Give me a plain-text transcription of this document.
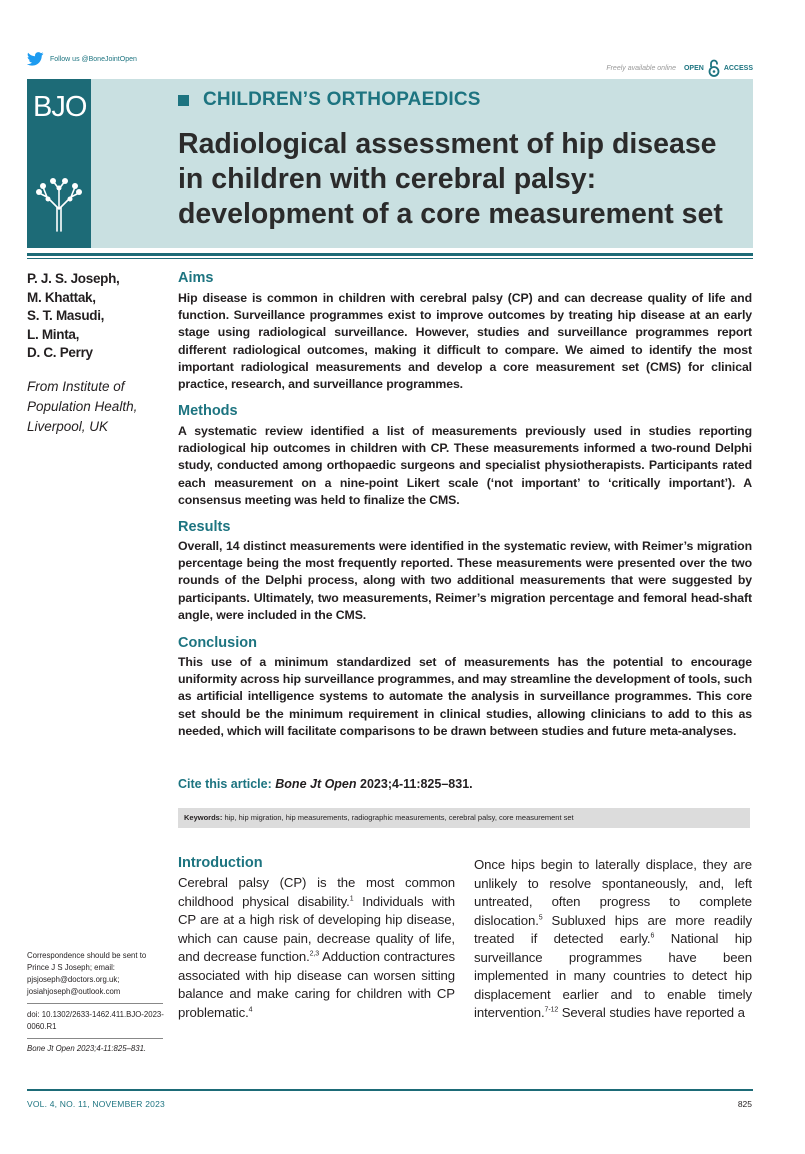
Follow us @BoneJointOpen
Freely available online OPEN	ACCESS
BJO	CHILDREN’S ORTHOPAEDICS
Radiological assessment of hip disease
in children with cerebral palsy:
development of a core measurement set
P. J. S. Joseph,
M. Khattak,
S. T. Masudi,
L. Minta,
D. C. Perry
From Institute of Population Health, Liverpool, UK
Aims
Hip disease is common in children with cerebral palsy (CP) and can decrease quality of life and function. Surveillance programmes exist to improve outcomes by treating hip disease at an early stage using radiological surveillance. However, studies and surveillance programmes report different radiological outcomes, making it difficult to compare. We aimed to identify the most important radiological measurements and develop a core measurement set (CMS) for clinical practice, research, and surveillance programmes.
Methods
A systematic review identified a list of measurements previously used in studies reporting radiological hip outcomes in children with CP. These measurements informed a two-round Delphi study, conducted among orthopaedic surgeons and specialist physiotherapists. Participants rated each measurement on a nine-point Likert scale (‘not important’ to ‘critically important’). A consensus meeting was held to finalize the CMS.
Results
Overall, 14 distinct measurements were identified in the systematic review, with Reimer’s migration percentage being the most frequently reported. These measurements were presented over the two rounds of the Delphi process, along with two additional measurements that were suggested by participants. Ultimately, two measurements, Reimer’s migration percentage and femoral head-shaft angle, were included in the CMS.
Conclusion
This use of a minimum standardized set of measurements has the potential to encourage uniformity across hip surveillance programmes, and may streamline the development of tools, such as artificial intelligence systems to automate the analysis in surveillance programmes. This core set should be the minimum requirement in clinical studies, allowing clinicians to add to this as needed, which will facilitate comparisons to be drawn between studies and future meta-analyses.
Cite this article: Bone Jt Open 2023;4-11:825–831.
Keywords: hip, hip migration, hip measurements, radiographic measurements, cerebral palsy, core measurement set
Introduction
Cerebral palsy (CP) is the most common childhood physical disability.$^1$ Individuals with CP are at a high risk of developing hip disease, which can cause pain, decrease quality of life, and decrease function.$^{2,3}$ Adduction contractures associated with hip disease can worsen sitting balance and make caring for children with CP problematic.$^4$
Once hips begin to laterally displace, they are unlikely to resolve spontaneously, and, left untreated, often progress to complete dislocation.$^5$ Subluxed hips are more readily treated if detected early.$^6$ National hip surveillance programmes have been implemented in many countries to detect hip displacement earlier and to enable timely intervention.$^{7-12}$ Several studies have reported a
Correspondence should be sent to Prince J S Joseph; email: pjsjoseph@doctors.org.uk; josiahjoseph@outlook.com
doi: 10.1302/2633-1462.411.BJO-2023-0060.R1
Bone Jt Open 2023;4-11:825–831.
VOL. 4, NO. 11, NOVEMBER 2023	825
